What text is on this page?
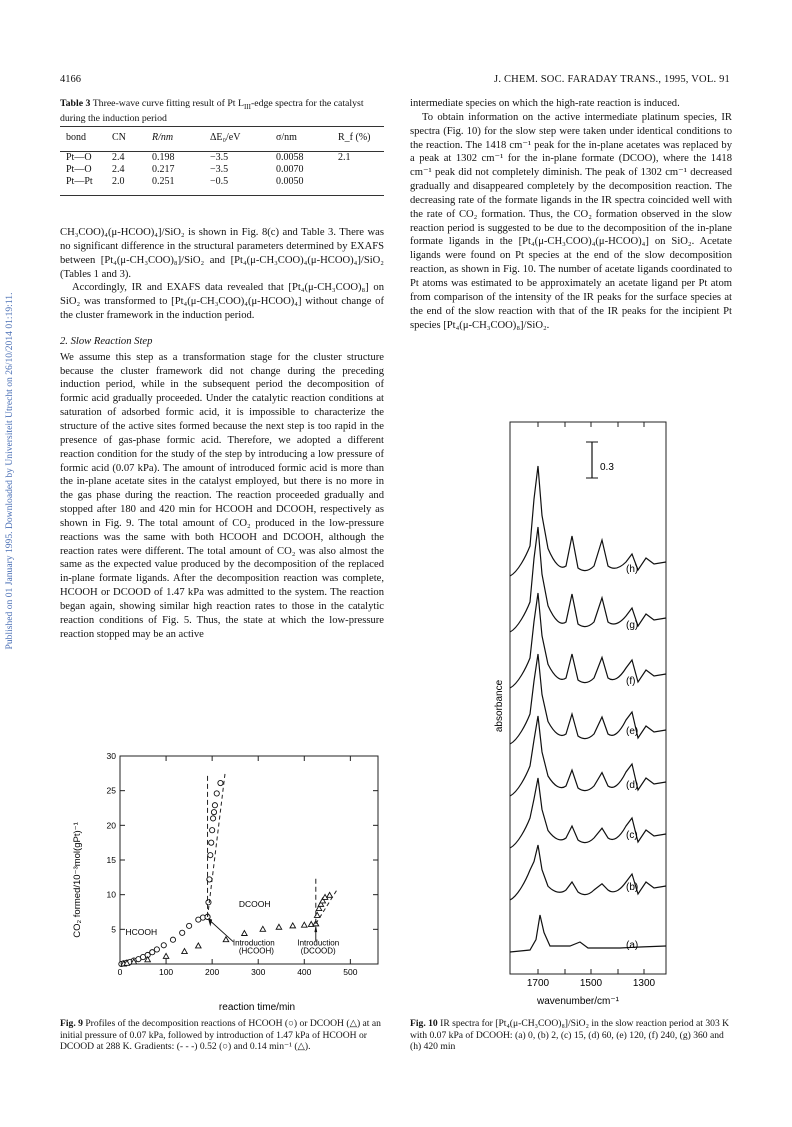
4166	J. CHEM. SOC. FARADAY TRANS., 1995, VOL. 91
Published on 01 January 1995. Downloaded by Universiteit Utrecht on 26/10/2014 01:19:11.
Table 3 Three-wave curve fitting result of Pt $L_{III}$-edge spectra for the catalyst during the induction period
bond	CN	R/nm	ΔE₀/eV	σ/nm	R_f (%)

Pt—O	2.4	0.198	−3.5	0.0058	2.1
Pt—O	2.4	0.217	−3.5	0.0070	
Pt—Pt	2.0	0.251	−0.5	0.0050	

CH₃COO)₄(μ-HCOO)₄]/SiO₂ is shown in Fig. 8(c) and Table 3. There was no significant difference in the structural parameters determined by EXAFS between [Pt₄(μ-CH₃COO)₈]/SiO₂ and [Pt₄(μ-CH₃COO)₄(μ-HCOO)₄]/SiO₂ (Tables 1 and 3).

Accordingly, IR and EXAFS data revealed that [Pt₄(μ-CH₃COO)₈] on SiO₂ was transformed to [Pt₄(μ-CH₃COO)₄(μ-HCOO)₄] without change of the cluster framework in the induction period.

2. Slow Reaction Step

We assume this step as a transformation stage for the cluster structure because the cluster framework did not change during the preceding induction period, while in the subsequent period the decomposition of formic acid gradually proceeded. Under the catalytic reaction conditions at saturation of adsorbed formic acid, it is impossible to characterize the structure of the active sites formed because the next step is too rapid in the presence of gas-phase formic acid. Therefore, we adopted a different reaction condition for the study of the step by introducing a low pressure of formic acid (0.07 kPa). The amount of introduced formic acid is more than the in-plane acetate sites in the catalyst employed, but there is no more in the gas phase during the reaction. The reaction proceeded gradually and stopped after 180 and 420 min for HCOOH and DCOOH, respectively as shown in Fig. 9. The total amount of CO₂ produced in the low-pressure reactions was the same with both HCOOH and DCOOH, although the reaction rates were different. The total amount of CO₂ was also almost the same as the expected value produced by the decomposition of the replaced in-plane formate ligands. After the decomposition reaction was complete, HCOOH or DCOOD of 1.47 kPa was admitted to the system. The reaction began again, showing similar high reaction rates to those in the catalytic reaction conditions of Fig. 5. Thus, the state at which the low-pressure reaction stopped may be an active

intermediate species on which the high-rate reaction is induced.

To obtain information on the active intermediate platinum species, IR spectra (Fig. 10) for the slow step were taken under identical conditions to the reaction. The 1418 cm⁻¹ peak for the in-plane acetates was replaced by a peak at 1302 cm⁻¹ for the in-plane formate (DCOO), where the 1418 cm⁻¹ peak did not completely diminish. The peak of 1302 cm⁻¹ decreased gradually and disappeared completely by the decomposition reaction. The decreasing rate of the formate ligands in the IR spectra coincided well with the rate of CO₂ formation. Thus, the CO₂ formation observed in the slow reaction period is suggested to be due to the decomposition of the in-plane formate ligands in the [Pt₄(μ-CH₃COO)₄(μ-HCOO)₄] on SiO₂. Acetate ligands were found on Pt species at the end of the slow decomposition reaction, as shown in Fig. 10. The number of acetate ligands coordinated to Pt atoms was estimated to be approximately an acetate ligand per Pt atom from comparison of the intensity of the IR peaks for the surface species at the end of the slow reaction with that of the IR peaks for the incipient Pt species [Pt₄(μ-CH₃COO)₈]/SiO₂.

0	100	200	300	400	500
5
10
15
20
25
30
HCOOH
DCOOH
Introduction
(HCOOH)
Introduction
(DCOOD)
CO₂ formed/10⁻³mol(gPt)⁻¹
reaction time/min
Fig. 9 Profiles of the decomposition reactions of HCOOH (○) or DCOOH (△) at an initial pressure of 0.07 kPa, followed by introduction of 1.47 kPa of HCOOH or DCOOD at 288 K. Gradients: (- - -) 0.52 (○) and 0.14 min⁻¹ (△).
(a)
(b)
(c)
(d)
(e)
(f)
(g)
(h)
absorbance
wavenumber/cm⁻¹
0.3
1700	1500	1300
Fig. 10 IR spectra for [Pt₄(μ-CH₃COO)₈]/SiO₂ in the slow reaction period at 303 K with 0.07 kPa of DCOOH: (a) 0, (b) 2, (c) 15, (d) 60, (e) 120, (f) 240, (g) 360 and (h) 420 min
